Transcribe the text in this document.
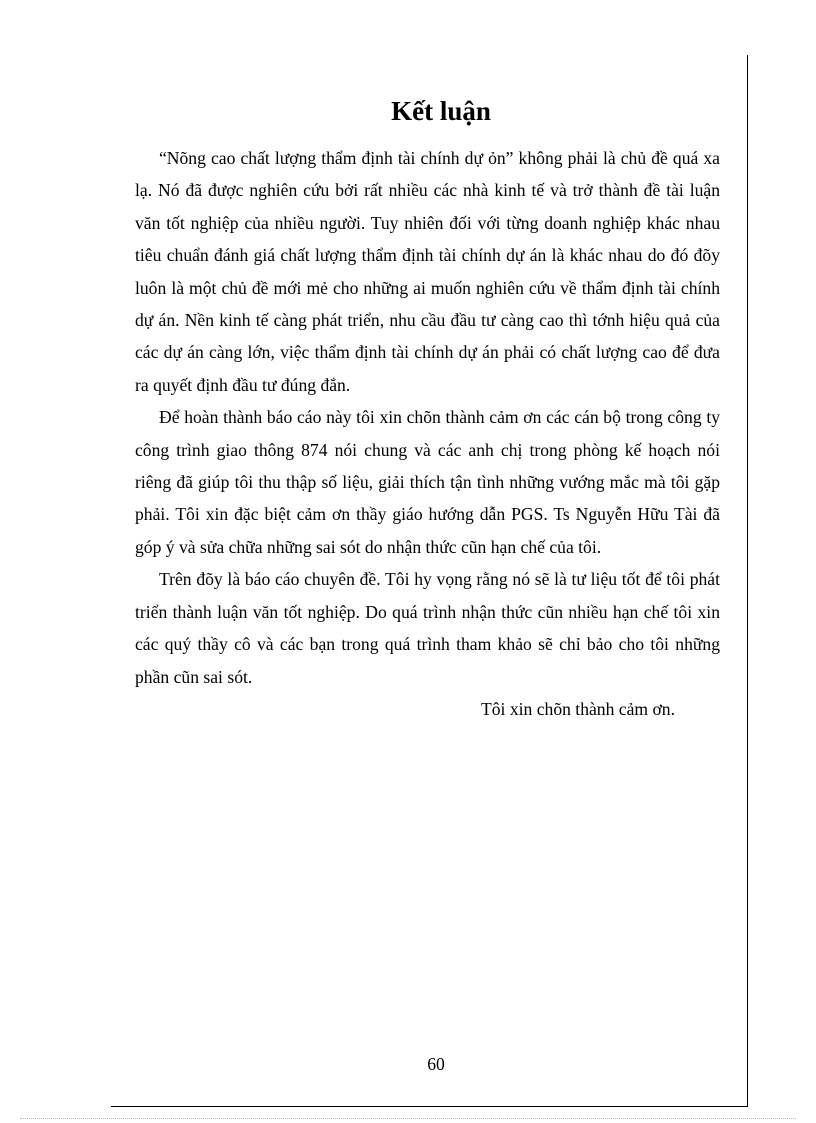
Kết luận

“Nõng cao chất lượng thẩm định tài chính dự ỏn” không phải là chủ đề quá xa lạ. Nó đã được nghiên cứu bởi rất nhiều các nhà kinh tế và trở thành đề tài luận văn tốt nghiệp của nhiều người. Tuy nhiên đối với từng doanh nghiệp khác nhau tiêu chuẩn đánh giá chất lượng thẩm định tài chính dự án là khác nhau do đó đõy luôn là một chủ đề mới mẻ cho những ai muốn nghiên cứu về thẩm định tài chính dự án. Nền kinh tế càng phát triển, nhu cầu đầu tư càng cao thì tớnh hiệu quả của các dự án càng lớn, việc thẩm định tài chính dự án phải có chất lượng cao để đưa ra quyết định đầu tư đúng đắn.

Để hoàn thành báo cáo này tôi xin chõn thành cảm ơn các cán bộ trong công ty công trình giao thông 874 nói chung và các anh chị trong phòng kế hoạch nói riêng đã giúp tôi thu thập số liệu, giải thích tận tình những vướng mắc mà tôi gặp phải. Tôi xin đặc biệt cảm ơn thầy giáo hướng dẫn PGS. Ts Nguyễn Hữu Tài đã góp ý và sửa chữa những sai sót do nhận thức cũn hạn chế của tôi.

Trên đõy là báo cáo chuyên đề. Tôi hy vọng rằng nó sẽ là tư liệu tốt để tôi phát triển thành luận văn tốt nghiệp. Do quá trình nhận thức cũn nhiều hạn chế tôi xin các quý thầy cô và các bạn trong quá trình tham khảo sẽ chỉ bảo cho tôi những phần cũn sai sót.

Tôi xin chõn thành cảm ơn.

60
